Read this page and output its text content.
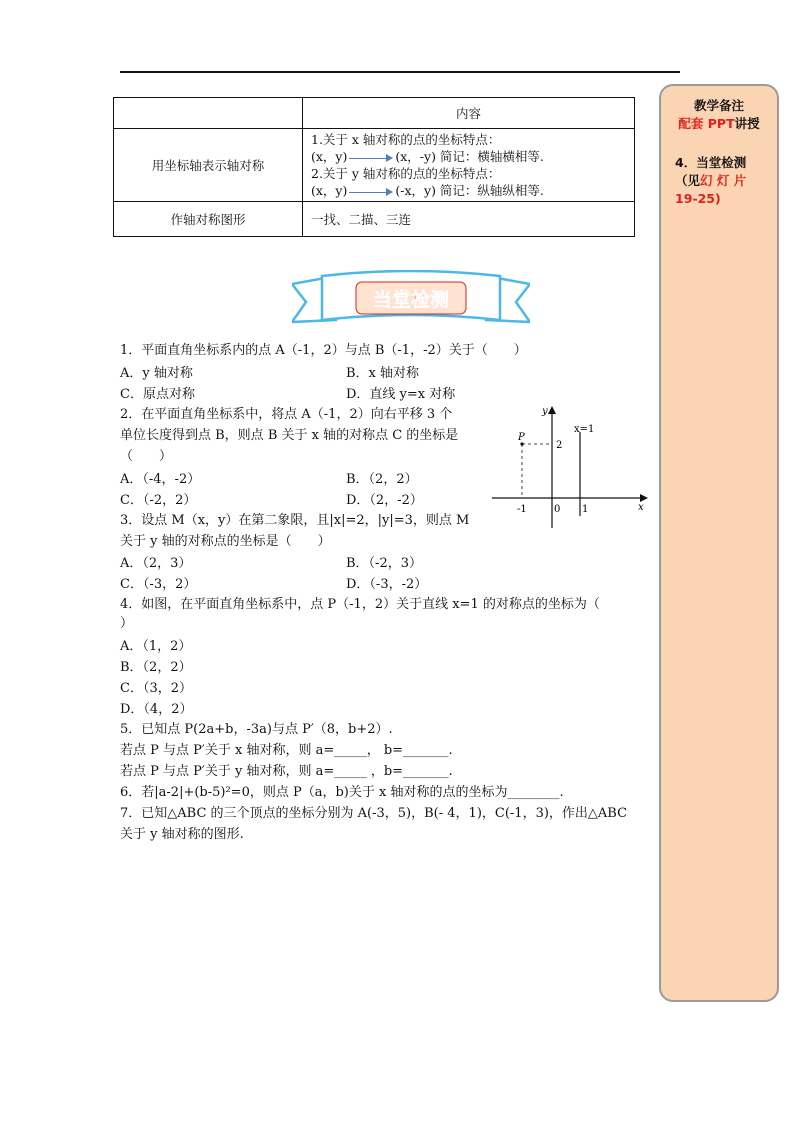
	内容
用坐标轴表示轴对称	1.关于 x 轴对称的点的坐标特点：
(x，y) (x，-y) 简记：横轴横相等.
2.关于 y 轴对称的点的坐标特点：
(x，y) (-x，y) 简记：纵轴纵相等.

作轴对称图形	一找、二描、三连
当堂检测
1．平面直角坐标系内的点 A（-1，2）与点 B（-1，-2）关于（　　）
A．y 轴对称	B．x 轴对称
C．原点对称	D．直线 y=x 对称
2．在平面直角坐标系中，将点 A（-1，2）向右平移 3 个
单位长度得到点 B，则点 B 关于 x 轴的对称点 C 的坐标是
（　　）
A．（-4，-2）	B．（2，2）
C．（-2，2）	D．（2，-2）
3．设点 M（x，y）在第二象限，且|x|=2，|y|=3，则点 M
关于 y 轴的对称点的坐标是（　　）
A．（2，3）	B．（-2，3）
C．（-3，2）	D．（-3，-2）
4．如图，在平面直角坐标系中，点 P（-1，2）关于直线 x=1 的对称点的坐标为（
）
A．（1，2）
B．（2，2）
C．（3，2）
D．（4，2）
5．已知点 P(2a+b，-3a)与点 P′（8，b+2）.
若点 P 与点 P′关于 x 轴对称，则 a=_____， b=_______.
若点 P 与点 P′关于 y 轴对称，则 a=_____ ，b=_______.
6．若|a-2|+(b-5)²=0，则点 P（a，b)关于 x 轴对称的点的坐标为________.
7．已知△ABC 的三个顶点的坐标分别为 A(-3，5)，B(- 4，1)，C(-1，3)，作出△ABC
关于 y 轴对称的图形.
y
x
x=1
P
2
-1	0 1
教学备注
配套 PPT讲授
4．当堂检测
（见幻 灯 片
19-25)
